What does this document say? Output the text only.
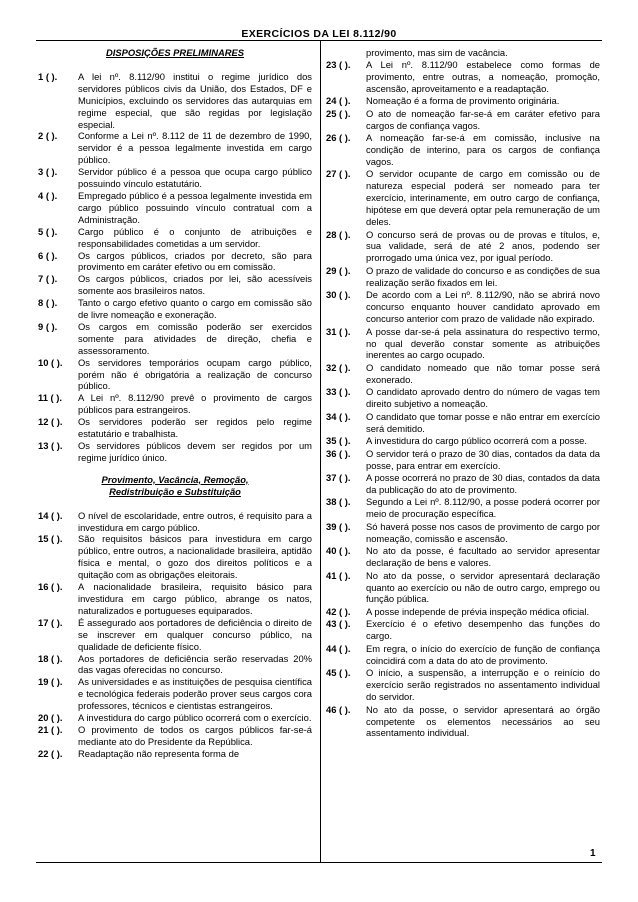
EXERCÍCIOS DA LEI 8.112/90
DISPOSIÇÕES PRELIMINARES
1 ( ).	A lei nº. 8.112/90 institui o regime jurídico dos servidores públicos civis da União, dos Estados, DF e Municípios, excluindo os servidores das autarquias em regime especial, que são regidas por legislação especial.
2 ( ).	Conforme a Lei nº. 8.112 de 11 de dezembro de 1990, servidor é a pessoa legalmente investida em cargo público.
3 ( ).	Servidor público é a pessoa que ocupa cargo público possuindo vínculo estatutário.
4 ( ).	Empregado público é a pessoa legalmente investida em cargo público possuindo vínculo contratual com a Administração.
5 ( ).	Cargo público é o conjunto de atribuições e responsabilidades cometidas a um servidor.
6 ( ).	Os cargos públicos, criados por decreto, são para provimento em caráter efetivo ou em comissão.
7 ( ).	Os cargos públicos, criados por lei, são acessíveis somente aos brasileiros natos.
8 ( ).	Tanto o cargo efetivo quanto o cargo em comissão são de livre nomeação e exoneração.
9 ( ).	Os cargos em comissão poderão ser exercidos somente para atividades de direção, chefia e assessoramento.
10 ( ).	Os servidores temporários ocupam cargo público, porém não é obrigatória a realização de concurso público.
11 ( ).	A Lei nº. 8.112/90 prevê o provimento de cargos públicos para estrangeiros.
12 ( ).	Os servidores poderão ser regidos pelo regime estatutário e trabalhista.
13 ( ).	Os servidores públicos devem ser regidos por um regime jurídico único.
Provimento, Vacância, Remoção,
Redistribuição e Substituição
14 ( ).	O nível de escolaridade, entre outros, é requisito para a investidura em cargo público.
15 ( ).	São requisitos básicos para investidura em cargo público, entre outros, a nacionalidade brasileira, aptidão física e mental, o gozo dos direitos políticos e a quitação com as obrigações eleitorais.
16 ( ).	A nacionalidade brasileira, requisito básico para investidura em cargo público, abrange os natos, naturalizados e portugueses equiparados.
17 ( ).	É assegurado aos portadores de deficiência o direito de se inscrever em qualquer concurso público, na qualidade de deficiente físico.
18 ( ).	Aos portadores de deficiência serão reservadas 20% das vagas oferecidas no concurso.
19 ( ).	As universidades e as instituições de pesquisa científica e tecnológica federais poderão prover seus cargos cora professores, técnicos e cientistas estrangeiros.
20 ( ).	A investidura do cargo público ocorrerá com o exercício.
21 ( ).	O provimento de todos os cargos públicos far-se-á mediante ato do Presidente da República.
22 ( ).	Readaptação não representa forma de
provimento, mas sim de vacância.
23 ( ).	A Lei nº. 8.112/90 estabelece como formas de provimento, entre outras, a nomeação, promoção, ascensão, aproveitamento e a readaptação.
24 ( ).	Nomeação é a forma de provimento originária.
25 ( ).	O ato de nomeação far-se-á em caráter efetivo para cargos de confiança vagos.
26 ( ).	A nomeação far-se-á em comissão, inclusive na condição de interino, para os cargos de confiança vagos.
27 ( ).	O servidor ocupante de cargo em comissão ou de natureza especial poderá ser nomeado para ter exercício, interinamente, em outro cargo de confiança, hipótese em que deverá optar pela remuneração de um deles.
28 ( ).	O concurso será de provas ou de provas e títulos, e, sua validade, será de até 2 anos, podendo ser prorrogado uma única vez, por igual período.
29 ( ).	O prazo de validade do concurso e as condições de sua realização serão fixados em lei.
30 ( ).	De acordo com a Lei nº. 8.112/90, não se abrirá novo concurso enquanto houver candidato aprovado em concurso anterior com prazo de validade não expirado.
31 ( ).	A posse dar-se-á pela assinatura do respectivo termo, no qual deverão constar somente as atribuições inerentes ao cargo ocupado.
32 ( ).	O candidato nomeado que não tomar posse será exonerado.
33 ( ).	O candidato aprovado dentro do número de vagas tem direito subjetivo a nomeação.
34 ( ).	O candidato que tomar posse e não entrar em exercício será demitido.
35 ( ).	A investidura do cargo público ocorrerá com a posse.
36 ( ).	O servidor terá o prazo de 30 dias, contados da data da posse, para entrar em exercício.
37 ( ).	A posse ocorrerá no prazo de 30 dias, contados da data da publicação do ato de provimento.
38 ( ).	Segundo a Lei nº. 8.112/90, a posse poderá ocorrer por meio de procuração específica.
39 ( ).	Só haverá posse nos casos de provimento de cargo por nomeação, comissão e ascensão.
40 ( ).	No ato da posse, é facultado ao servidor apresentar declaração de bens e valores.
41 ( ).	No ato da posse, o servidor apresentará declaração quanto ao exercício ou não de outro cargo, emprego ou função pública.
42 ( ).	A posse independe de prévia inspeção médica oficial.
43 ( ).	Exercício é o efetivo desempenho das funções do cargo.
44 ( ).	Em regra, o início do exercício de função de confiança coincidirá com a data do ato de provimento.
45 ( ).	O início, a suspensão, a interrupção e o reinício do exercício serão registrados no assentamento individual do servidor.
46 ( ).	No ato da posse, o servidor apresentará ao órgão competente os elementos necessários ao seu assentamento individual.
1
